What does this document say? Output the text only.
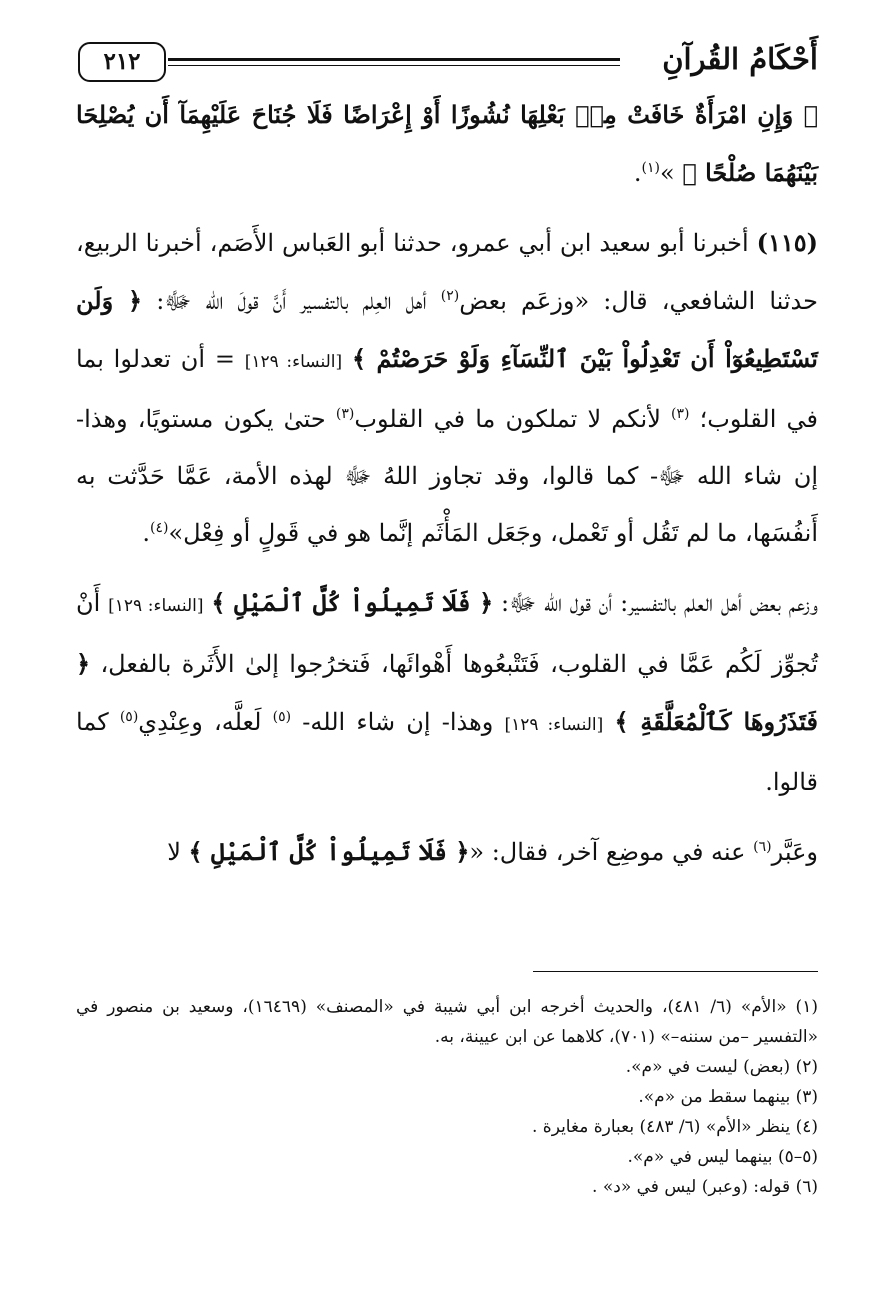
أَحْكَامُ القُرآنِ
٢١٢

﴿ وَإِنِ امْرَأَةٌ خَافَتْ مِنۢ بَعْلِهَا نُشُوزًا أَوْ إِعْرَاضًا فَلَا جُنَاحَ عَلَيْهِمَآ أَن يُصْلِحَا بَيْنَهُمَا صُلْحًا ﴾ »$^{(١)}$.

(١١٥) أخبرنا أبو سعيد ابن أبي عمرو، حدثنا أبو العَباس الأَصَم، أخبرنا الربيع، حدثنا الشافعي، قال: «وزعَم بعض$^{(٢)}$ أهل العِلم بالتفسير أَنَّ قولَ الله ﷻ: ﴿ وَلَن تَسْتَطِيعُوٓاْ أَن تَعْدِلُواْ بَيْنَ ٱلنِّسَآءِ وَلَوْ حَرَصْتُمْ ﴾ [النساء: ١٢٩] = أن تعدلوا بما في القلوب؛ $^{(٣)}$ لأنكم لا تملكون ما في القلوب$^{(٣)}$ حتىٰ يكون مستويًا، وهذا- إن شاء الله ﷻ- كما قالوا، وقد تجاوز اللهُ ﷻ لهذه الأمة، عَمَّا حَدَّثت به أَنفُسَها، ما لم تَقُل أو تَعْمل، وجَعَل المَأْثَم إنَّما هو في قَولٍ أو فِعْل»$^{(٤)}$.

وزعم بعض أهل العلم بالتفسير: أن قول الله ﷻ: ﴿ فَلَا تَمِيلُواْ كُلَّ ٱلْمَيْلِ ﴾ [النساء: ١٢٩] أَنْ تُجوِّز لَكُم عَمَّا في القلوب، فَتَتْبعُوها أَهْوائَها، فَتخرُجوا إلىٰ الأَثَرة بالفعل، ﴿ فَتَذَرُوهَا كَٱلْمُعَلَّقَةِ ﴾ [النساء: ١٢٩] وهذا- إن شاء الله- $^{(٥)}$ لَعلَّه، وعِنْدِي$^{(٥)}$ كما قالوا.

وعَبَّر$^{(٦)}$ عنه في موضِع آخر، فقال: «﴿ فَلَا تَمِيلُواْ كُلَّ ٱلْمَيْلِ ﴾ لا

(١) «الأم» (٦/ ٤٨١)، والحديث أخرجه ابن أبي شيبة في «المصنف» (١٦٤٦٩)، وسعيد بن منصور في «التفسير –من سننه–» (٧٠١)، كلاهما عن ابن عيينة، به.

(٢) (بعض) ليست في «م».

(٣) بينهما سقط من «م».

(٤) ينظر «الأم» (٦/ ٤٨٣) بعبارة مغايرة .

(٥–٥) بينهما ليس في «م».

(٦) قوله: (وعبر) ليس في «د» .
